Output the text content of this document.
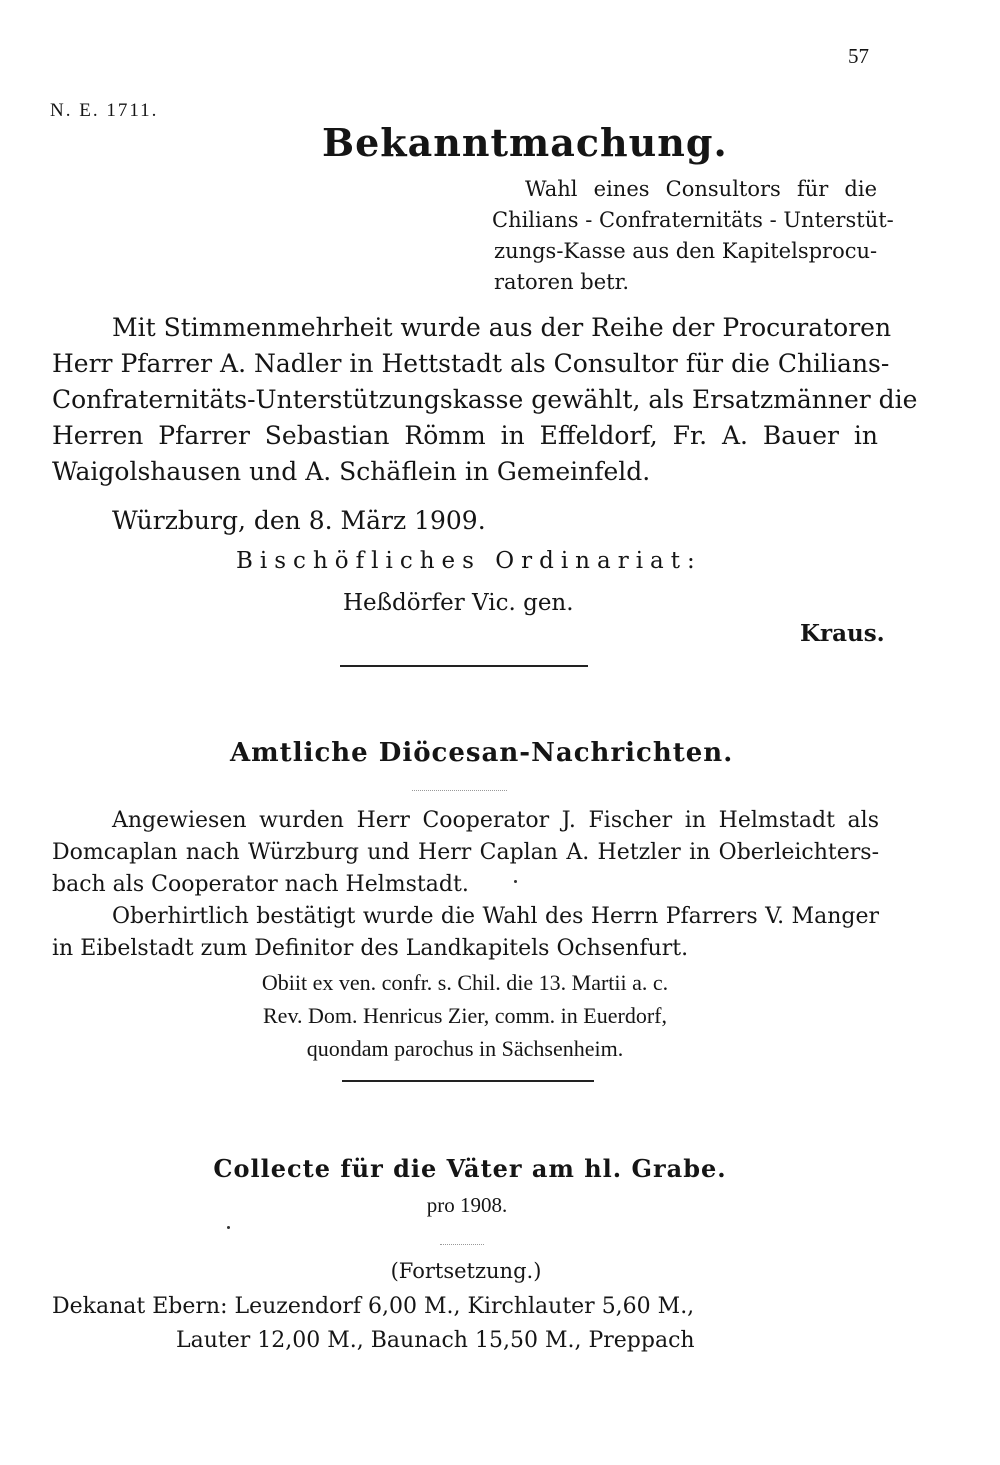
57
N. E. 1711.
Bekanntmachung.
Wahl eines Consultors für die
Chilians - Confraternitäts - Unterstüt-
zungs-Kasse aus den Kapitelsprocu-
ratoren betr.
Mit Stimmenmehrheit wurde aus der Reihe der Procuratoren
Herr Pfarrer A. Nadler in Hettstadt als Consultor für die Chilians-
Confraternitäts-Unterstützungskasse gewählt, als Ersatzmänner die
Herren Pfarrer Sebastian Römm in Effeldorf, Fr. A. Bauer in
Waigolshausen und A. Schäflein in Gemeinfeld.
Würzburg, den 8. März 1909.
Bischöfliches Ordinariat:
Heßdörfer Vic. gen.
Kraus.
Amtliche Diöcesan-Nachrichten.
Angewiesen wurden Herr Cooperator J. Fischer in Helmstadt als
Domcaplan nach Würzburg und Herr Caplan A. Hetzler in Oberleichters-
bach als Cooperator nach Helmstadt.
Oberhirtlich bestätigt wurde die Wahl des Herrn Pfarrers V. Manger
in Eibelstadt zum Definitor des Landkapitels Ochsenfurt.
Obiit ex ven. confr. s. Chil. die 13. Martii a. c.
Rev. Dom. Henricus Zier, comm. in Euerdorf,
quondam parochus in Sächsenheim.
Collecte für die Väter am hl. Grabe.
pro 1908.
(Fortsetzung.)
Dekanat Ebern: Leuzendorf 6,00 M., Kirchlauter 5,60 M.,
Lauter 12,00 M., Baunach 15,50 M., Preppach
